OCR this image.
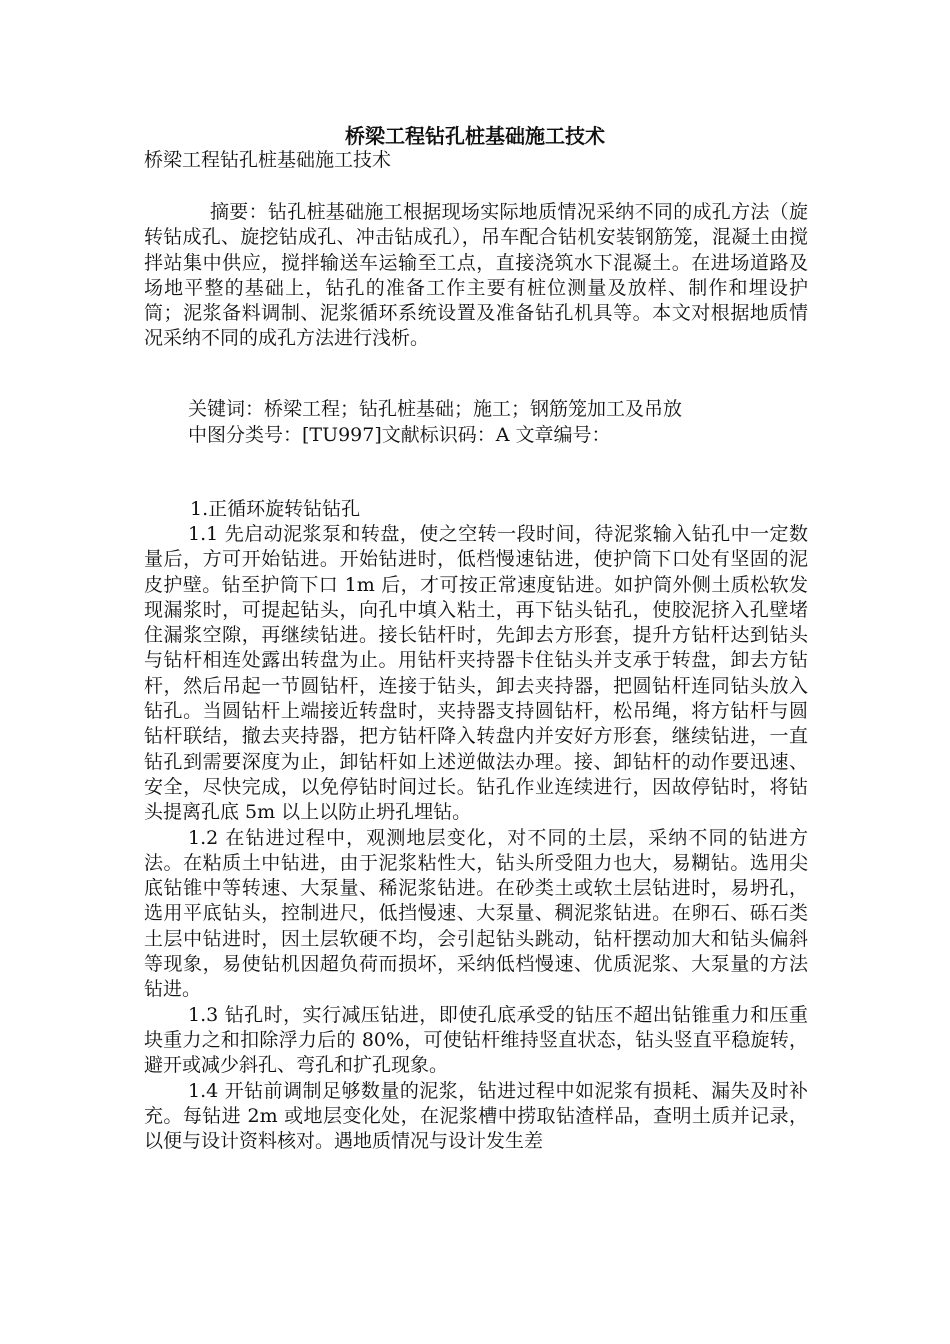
桥梁工程钻孔桩基础施工技术
桥梁工程钻孔桩基础施工技术

摘要：钻孔桩基础施工根据现场实际地质情况采纳不同的成孔方法（旋转钻成孔、旋挖钻成孔、冲击钻成孔），吊车配合钻机安装钢筋笼，混凝土由搅拌站集中供应，搅拌输送车运输至工点，直接浇筑水下混凝土。在进场道路及场地平整的基础上，钻孔的准备工作主要有桩位测量及放样、制作和埋设护筒；泥浆备料调制、泥浆循环系统设置及准备钻孔机具等。本文对根据地质情况采纳不同的成孔方法进行浅析。

关键词：桥梁工程；钻孔桩基础；施工；钢筋笼加工及吊放

中图分类号：[TU997]文献标识码：A 文章编号：

1.正循环旋转钻钻孔

1.1 先启动泥浆泵和转盘，使之空转一段时间，待泥浆输入钻孔中一定数量后，方可开始钻进。开始钻进时，低档慢速钻进，使护筒下口处有坚固的泥皮护壁。钻至护筒下口 1m 后，才可按正常速度钻进。如护筒外侧土质松软发现漏浆时，可提起钻头，向孔中填入粘土，再下钻头钻孔，使胶泥挤入孔壁堵住漏浆空隙，再继续钻进。接长钻杆时，先卸去方形套，提升方钻杆达到钻头与钻杆相连处露出转盘为止。用钻杆夹持器卡住钻头并支承于转盘，卸去方钻杆，然后吊起一节圆钻杆，连接于钻头，卸去夹持器，把圆钻杆连同钻头放入钻孔。当圆钻杆上端接近转盘时，夹持器支持圆钻杆，松吊绳，将方钻杆与圆钻杆联结，撤去夹持器，把方钻杆降入转盘内并安好方形套，继续钻进，一直钻孔到需要深度为止，卸钻杆如上述逆做法办理。接、卸钻杆的动作要迅速、安全，尽快完成，以免停钻时间过长。钻孔作业连续进行，因故停钻时，将钻头提离孔底 5m 以上以防止坍孔埋钻。

1.2 在钻进过程中，观测地层变化，对不同的土层，采纳不同的钻进方法。在粘质土中钻进，由于泥浆粘性大，钻头所受阻力也大，易糊钻。选用尖底钻锥中等转速、大泵量、稀泥浆钻进。在砂类土或软土层钻进时，易坍孔，选用平底钻头，控制进尺，低挡慢速、大泵量、稠泥浆钻进。在卵石、砾石类土层中钻进时，因土层软硬不均，会引起钻头跳动，钻杆摆动加大和钻头偏斜等现象，易使钻机因超负荷而损坏，采纳低档慢速、优质泥浆、大泵量的方法钻进。

1.3 钻孔时，实行减压钻进，即使孔底承受的钻压不超出钻锥重力和压重块重力之和扣除浮力后的 80%，可使钻杆维持竖直状态，钻头竖直平稳旋转，避开或减少斜孔、弯孔和扩孔现象。

1.4 开钻前调制足够数量的泥浆，钻进过程中如泥浆有损耗、漏失及时补充。每钻进 2m 或地层变化处，在泥浆槽中捞取钻渣样品，查明土质并记录，以便与设计资料核对。遇地质情况与设计发生差
